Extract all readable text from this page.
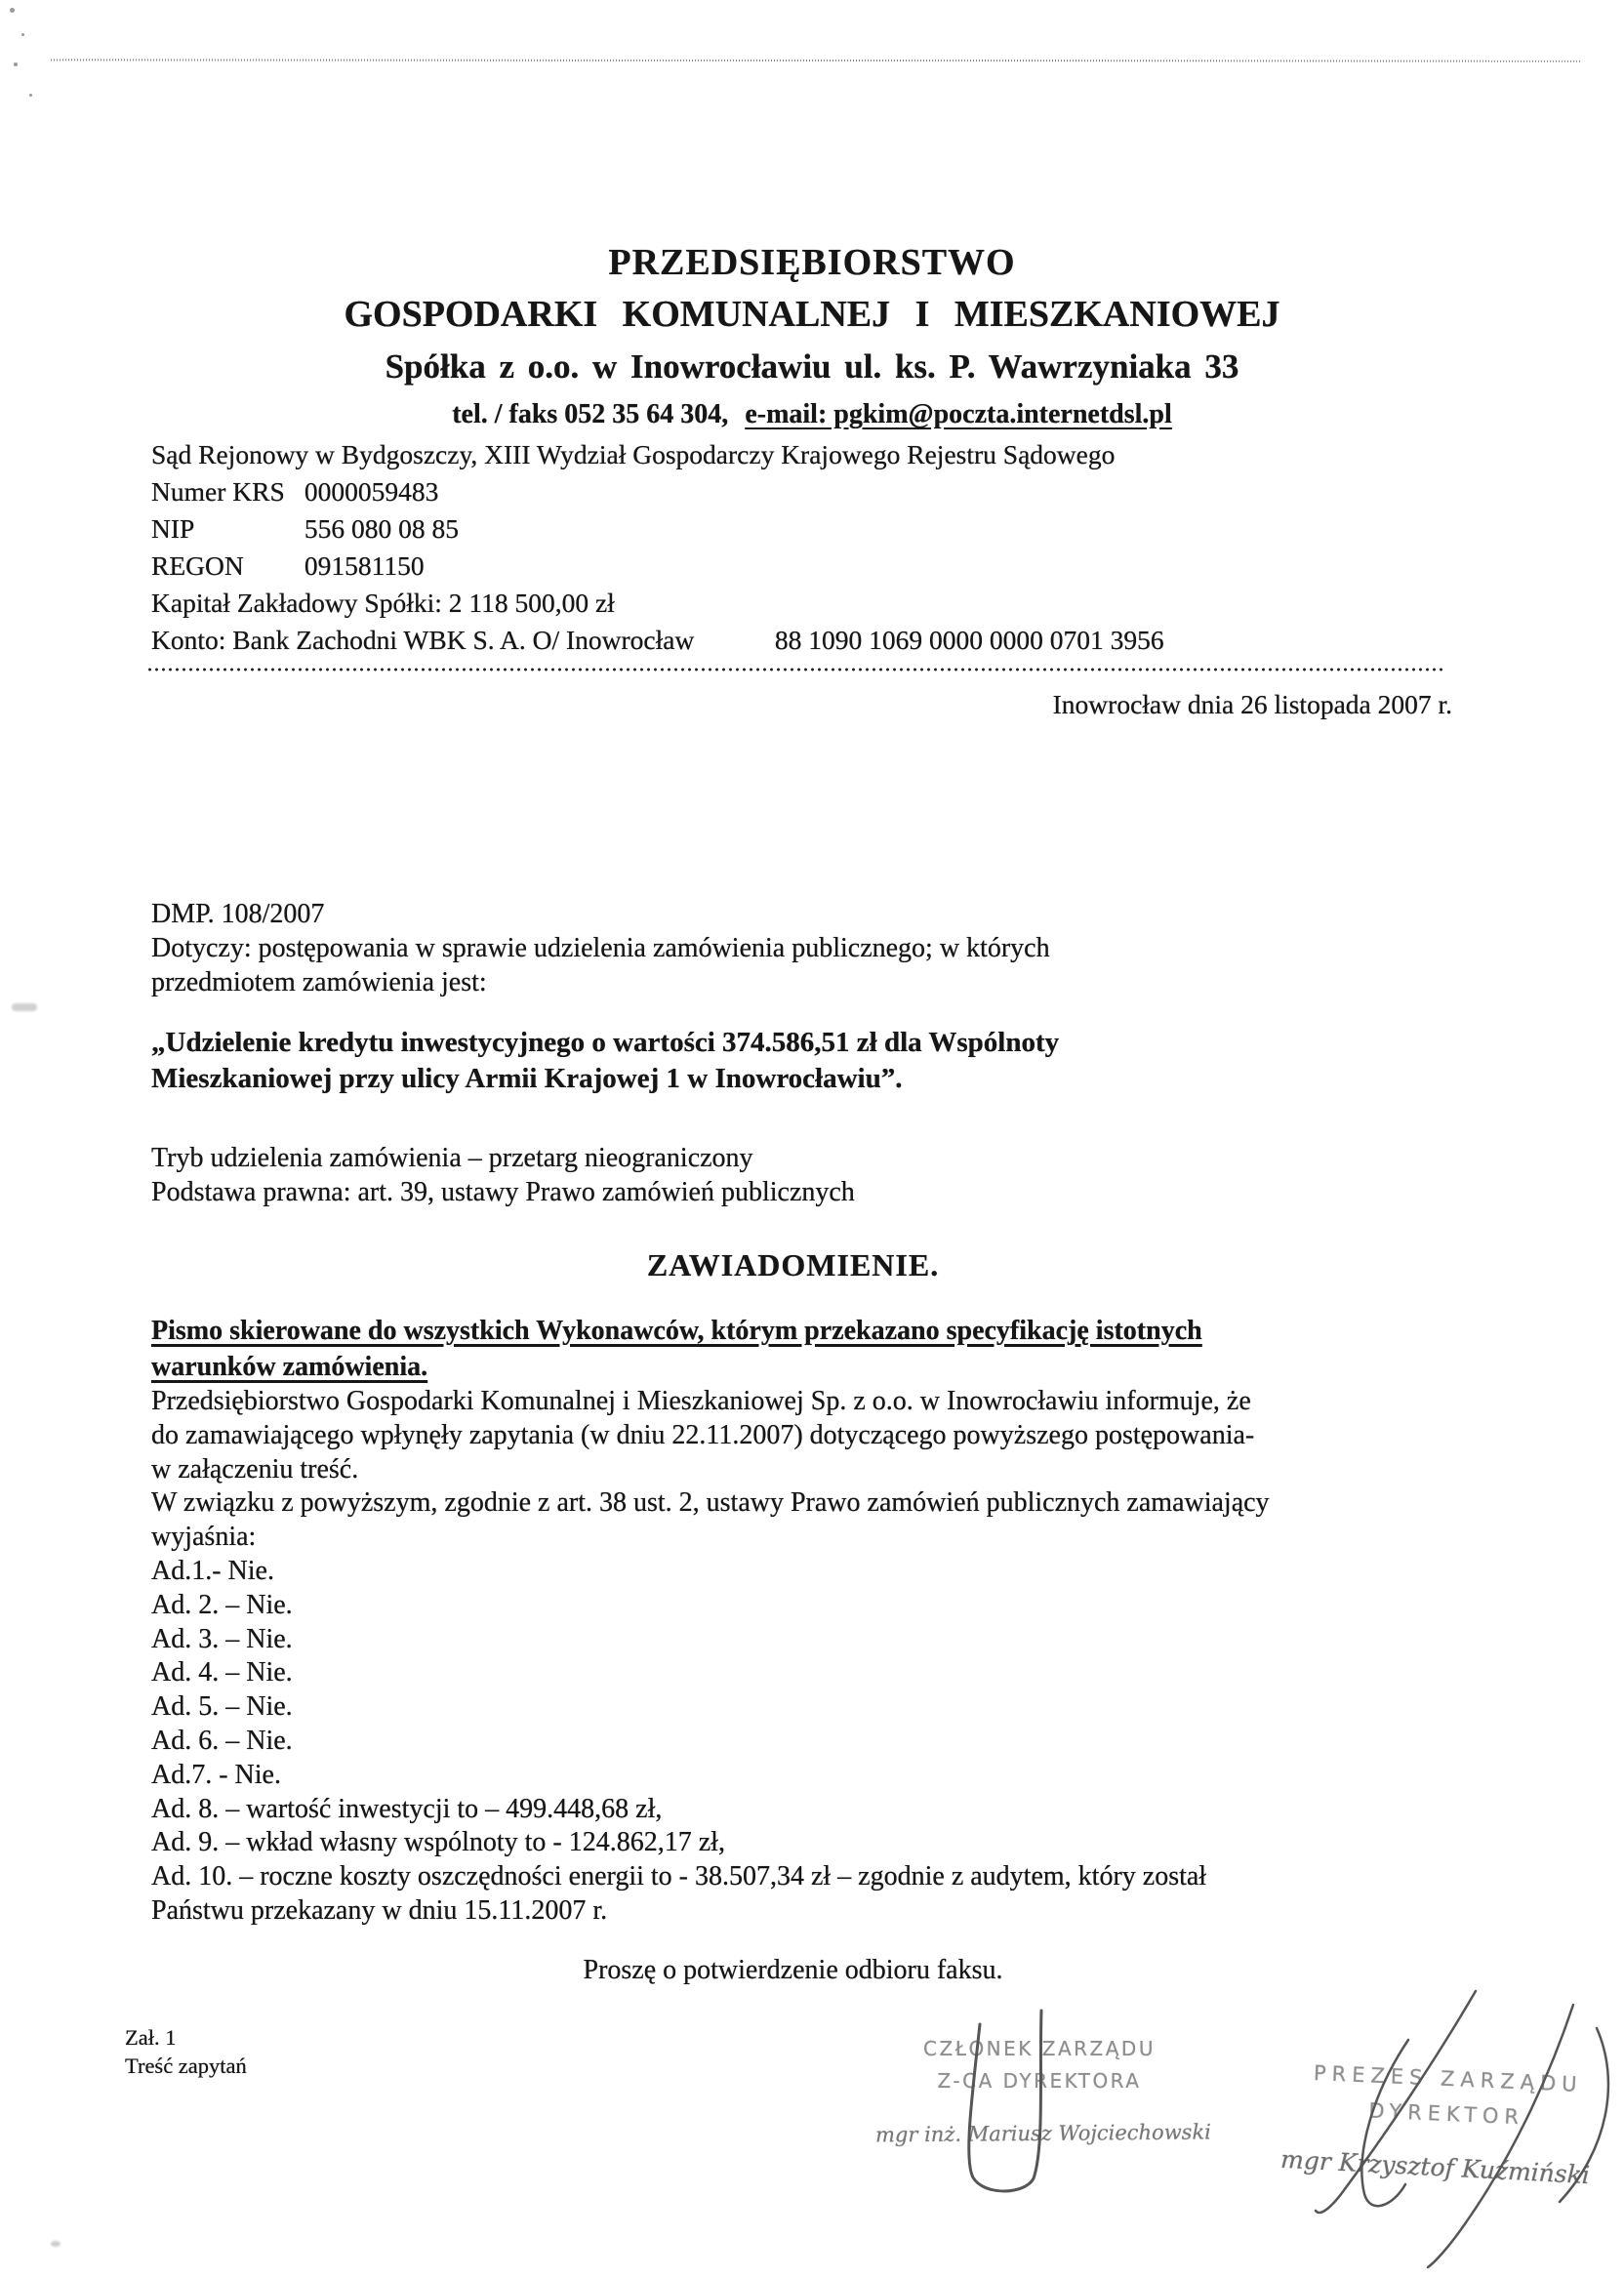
PRZEDSIĘBIORSTWO
GOSPODARKI KOMUNALNEJ I MIESZKANIOWEJ
Spółka z o.o. w Inowrocławiu ul. ks. P. Wawrzyniaka 33
tel. / faks 052 35 64 304, e-mail: pgkim@poczta.internetdsl.pl
Sąd Rejonowy w Bydgoszczy, XIII Wydział Gospodarczy Krajowego Rejestru Sądowego
Numer KRS 0000059483
NIP	556 080 08 85
REGON 091581150
Kapitał Zakładowy Spółki: 2 118 500,00 zł
Konto: Bank Zachodni WBK S. A. O/ Inowrocław	88 1090 1069 0000 0000 0701 3956
Inowrocław dnia 26 listopada 2007 r.
DMP. 108/2007
Dotyczy: postępowania w sprawie udzielenia zamówienia publicznego; w których
przedmiotem zamówienia jest:
„Udzielenie kredytu inwestycyjnego o wartości 374.586,51 zł dla Wspólnoty
Mieszkaniowej przy ulicy Armii Krajowej 1 w Inowrocławiu”.
Tryb udzielenia zamówienia – przetarg nieograniczony
Podstawa prawna: art. 39, ustawy Prawo zamówień publicznych
ZAWIADOMIENIE.
Pismo skierowane do wszystkich Wykonawców, którym przekazano specyfikację istotnych
warunków zamówienia.
Przedsiębiorstwo Gospodarki Komunalnej i Mieszkaniowej Sp. z o.o. w Inowrocławiu informuje, że
do zamawiającego wpłynęły zapytania (w dniu 22.11.2007) dotyczącego powyższego postępowania-
w załączeniu treść.
W związku z powyższym, zgodnie z art. 38 ust. 2, ustawy Prawo zamówień publicznych zamawiający
wyjaśnia:
Ad.1.- Nie.
Ad. 2. – Nie.
Ad. 3. – Nie.
Ad. 4. – Nie.
Ad. 5. – Nie.
Ad. 6. – Nie.
Ad.7. - Nie.
Ad. 8. – wartość inwestycji to – 499.448,68 zł,
Ad. 9. – wkład własny wspólnoty to - 124.862,17 zł,
Ad. 10. – roczne koszty oszczędności energii to - 38.507,34 zł – zgodnie z audytem, który został
Państwu przekazany w dniu 15.11.2007 r.
Proszę o potwierdzenie odbioru faksu.
Zał. 1
Treść zapytań
CZŁONEK ZARZĄDU
Z-CA DYREKTORA
mgr inż. Mariusz Wojciechowski
PREZES ZARZĄDU
DYREKTOR
mgr Krzysztof Kuźmiński
